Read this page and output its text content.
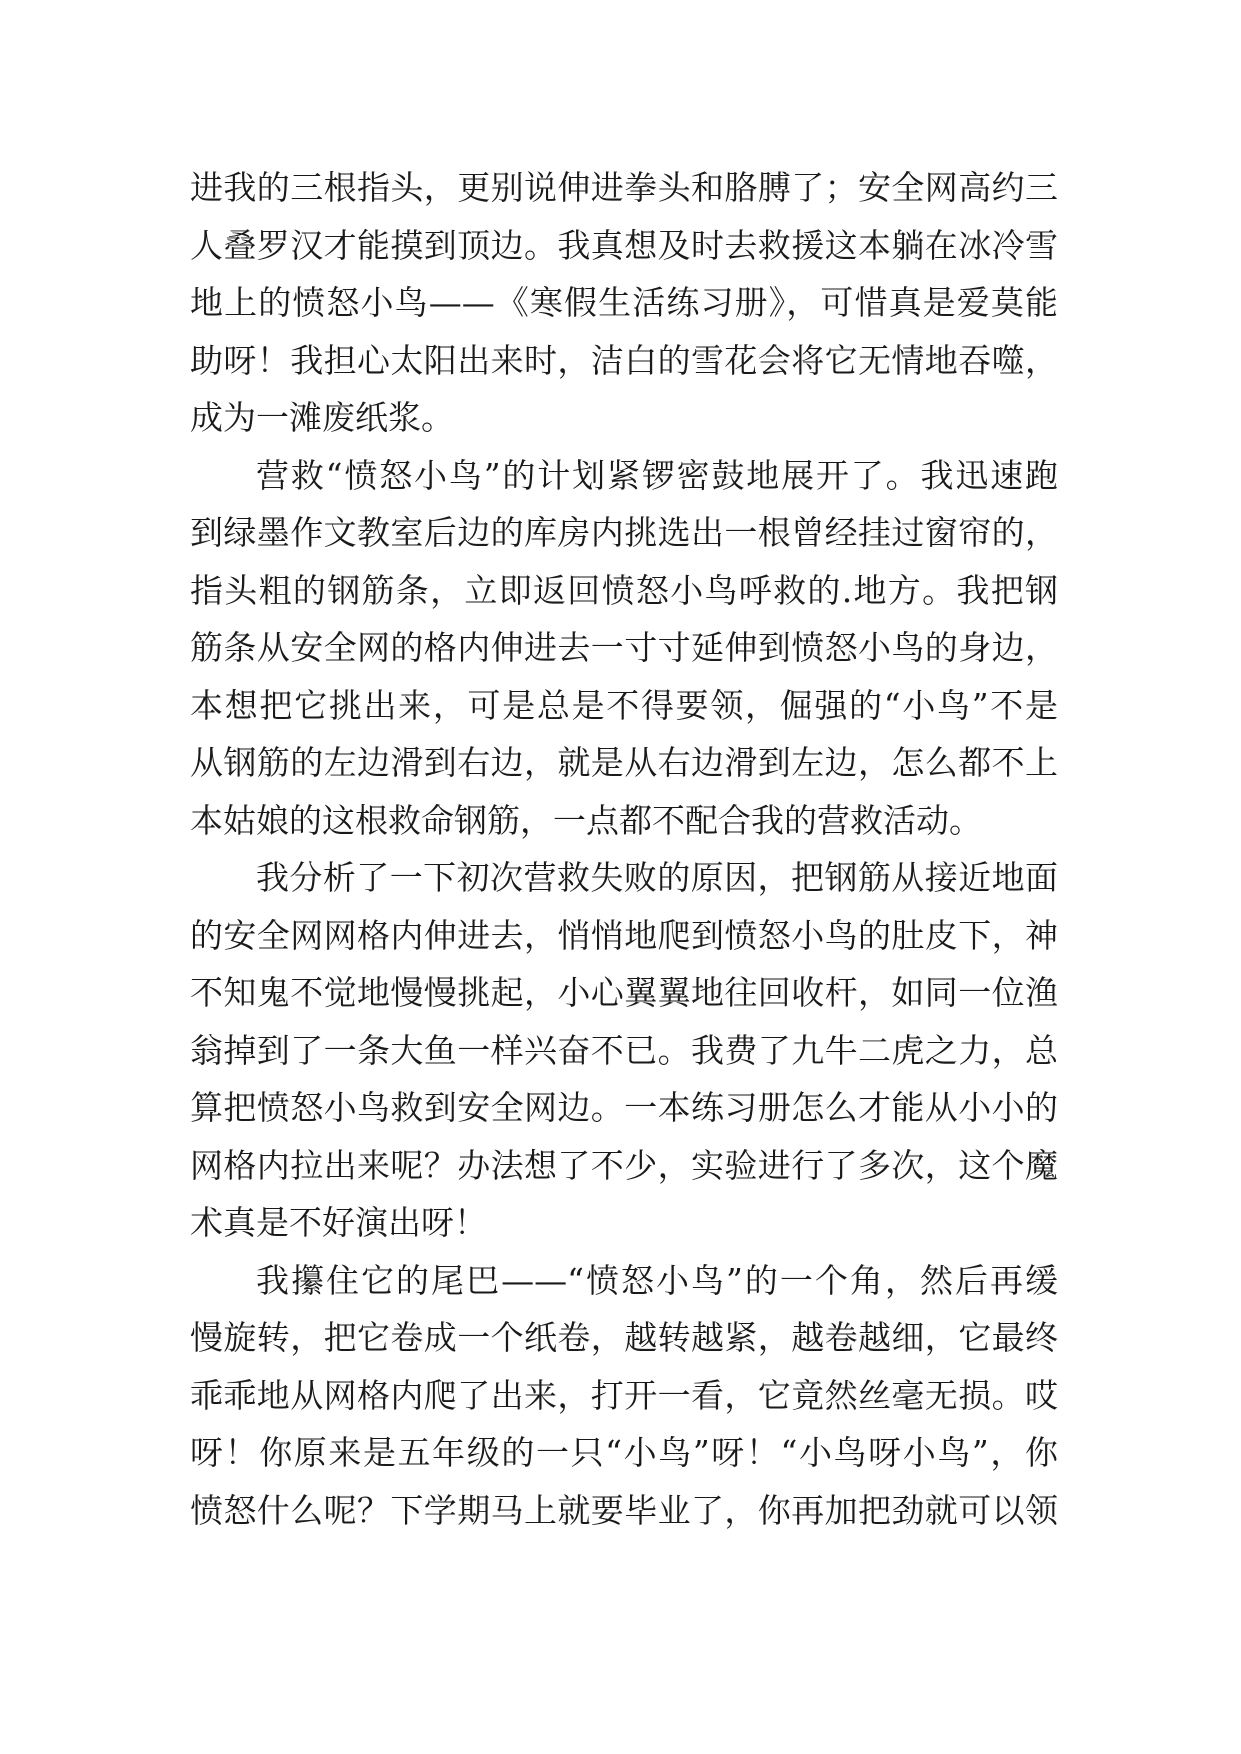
进我的三根指头，更别说伸进拳头和胳膊了；安全网高约三
人叠罗汉才能摸到顶边。我真想及时去救援这本躺在冰冷雪
地上的愤怒小鸟——《寒假生活练习册》，可惜真是爱莫能
助呀！我担心太阳出来时，洁白的雪花会将它无情地吞噬，
成为一滩废纸浆。
营救“愤怒小鸟”的计划紧锣密鼓地展开了。我迅速跑
到绿墨作文教室后边的库房内挑选出一根曾经挂过窗帘的，
指头粗的钢筋条，立即返回愤怒小鸟呼救的.地方。我把钢
筋条从安全网的格内伸进去一寸寸延伸到愤怒小鸟的身边，
本想把它挑出来，可是总是不得要领，倔强的“小鸟”不是
从钢筋的左边滑到右边，就是从右边滑到左边，怎么都不上
本姑娘的这根救命钢筋，一点都不配合我的营救活动。
我分析了一下初次营救失败的原因，把钢筋从接近地面
的安全网网格内伸进去，悄悄地爬到愤怒小鸟的肚皮下，神
不知鬼不觉地慢慢挑起，小心翼翼地往回收杆，如同一位渔
翁掉到了一条大鱼一样兴奋不已。我费了九牛二虎之力，总
算把愤怒小鸟救到安全网边。一本练习册怎么才能从小小的
网格内拉出来呢？办法想了不少，实验进行了多次，这个魔
术真是不好演出呀！
我攥住它的尾巴——“愤怒小鸟”的一个角，然后再缓
慢旋转，把它卷成一个纸卷，越转越紧，越卷越细，它最终
乖乖地从网格内爬了出来，打开一看，它竟然丝毫无损。哎
呀！你原来是五年级的一只“小鸟”呀！“小鸟呀小鸟”，你
愤怒什么呢？下学期马上就要毕业了，你再加把劲就可以领
